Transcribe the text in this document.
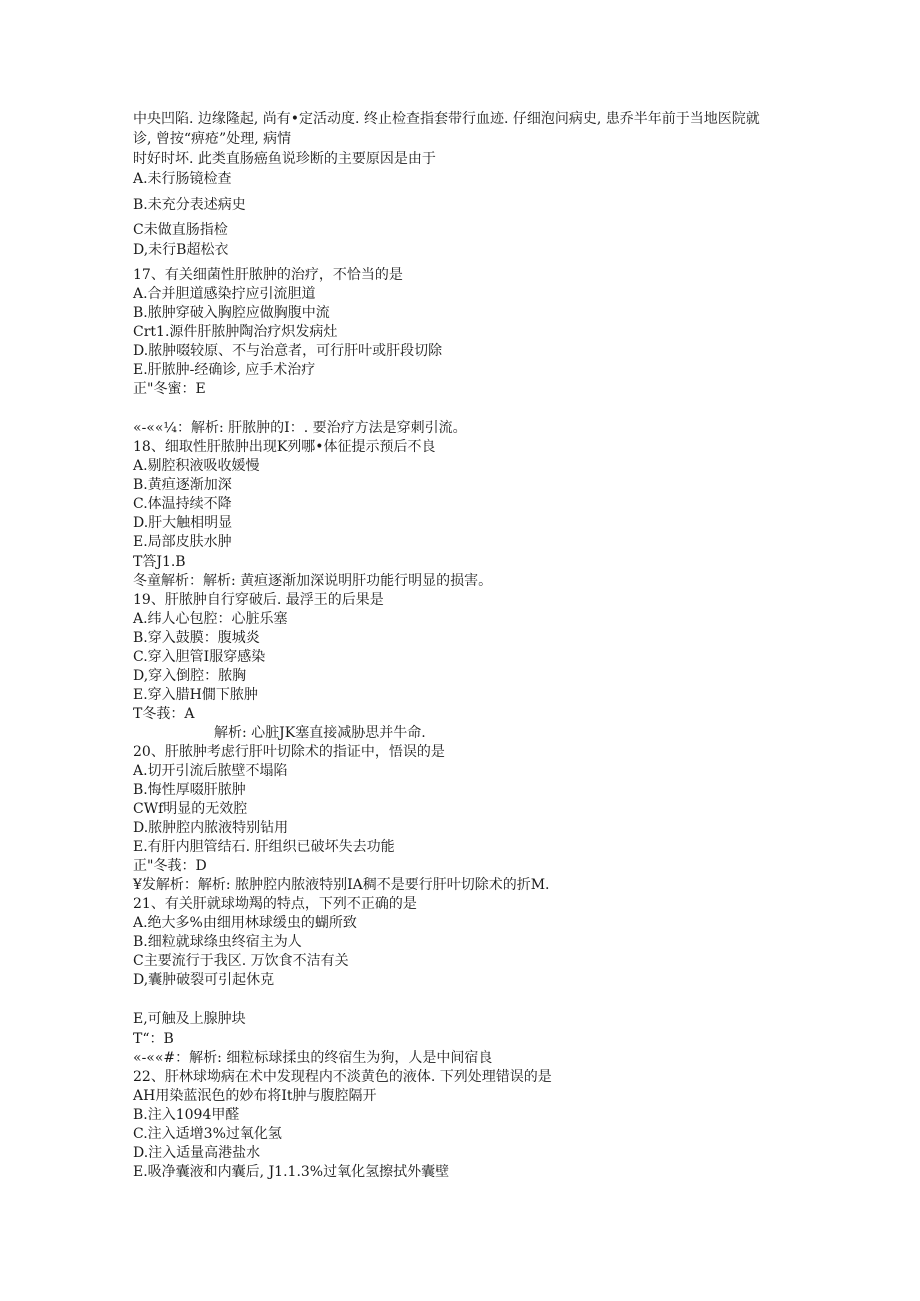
中央凹陷. 边缘隆起, 尚有•定活动度. 终止检查指套带行血迹. 仔细泡问病史, 患乔半年前于当地医院就
诊, 曾按“痹疮”处理, 病情
时好时坏. 此类直肠癌鱼说珍断的主要原因是由于
A.未行肠镜检查
B.未充分表述病史
C未做直肠指检
D,未行B超松衣
17、有关细菌性肝脓肿的治疗，不恰当的是
A.合并胆道感染拧应引流胆道
B.脓肿穿破入胸腔应做胸腹中流
Crt1.源件肝脓肿陶治疗炽发病灶
D.脓肿啜较原、不与治意者，可行肝叶或肝段切除
E.肝脓肿-经确诊, 应手术治疗
正"冬蜜：E
«-««¼：解析: 肝脓肿的I：. 要治疗方法是穿刺引流。
18、细取性肝脓肿出现K列哪•体征提示预后不良
A.剔腔积液吸收媛慢
B.黄疸逐渐加深
C.体温持续不降
D.肝大触相明显
E.局部皮肤水肿
T答J1.B
冬童解析：解析: 黄疸逐渐加深说明肝功能行明显的损害。
19、肝脓肿自行穿破后. 最浮王的后果是
A.纬人心包腔：心脏乐塞
B.穿入鼓膜：腹城炎
C.穿入胆管I服穿感染
D,穿入倒腔：脓胸
E.穿入腊H僩下脓肿
T冬莪：A
解析: 心脏JK塞直接减胁思并牛命.
20、肝脓肿考虑行肝叶切除术的指证中，悟误的是
A.切开引流后脓壁不塌陷
B.悔性厚啜肝脓肿
CWf明显的无效腔
D.脓肿腔内脓液特别钻用
E.有肝内胆管结石. 肝组织已破坏失去功能
正"冬莪：D
¥发解析：解析: 脓肿腔内脓液特别IA稠不是要行肝叶切除术的折M.
21、有关肝就球坳羯的特点，下列不正确的是
A.绝大多%由细用林球缓虫的蝴所致
B.细粒就球绦虫终宿主为人
C主要流行于我区. 万饮食不洁有关
D,囊肿破裂可引起休克
E,可触及上腺肿块
T“：B
«-««#：解析: 细粒标球揉虫的终宿生为狗，人是中间宿良
22、肝林球坳病在术中发现程内不淡黄色的液体. 下列处理错误的是
AH用染蓝泯色的妙布将It肿与腹腔隔开
B.注入1094甲醛
C.注入适增3%过氧化氢
D.注入适量高港盐水
E.吸净囊液和内囊后, J1.1.3%过氧化氢擦拭外囊壁
